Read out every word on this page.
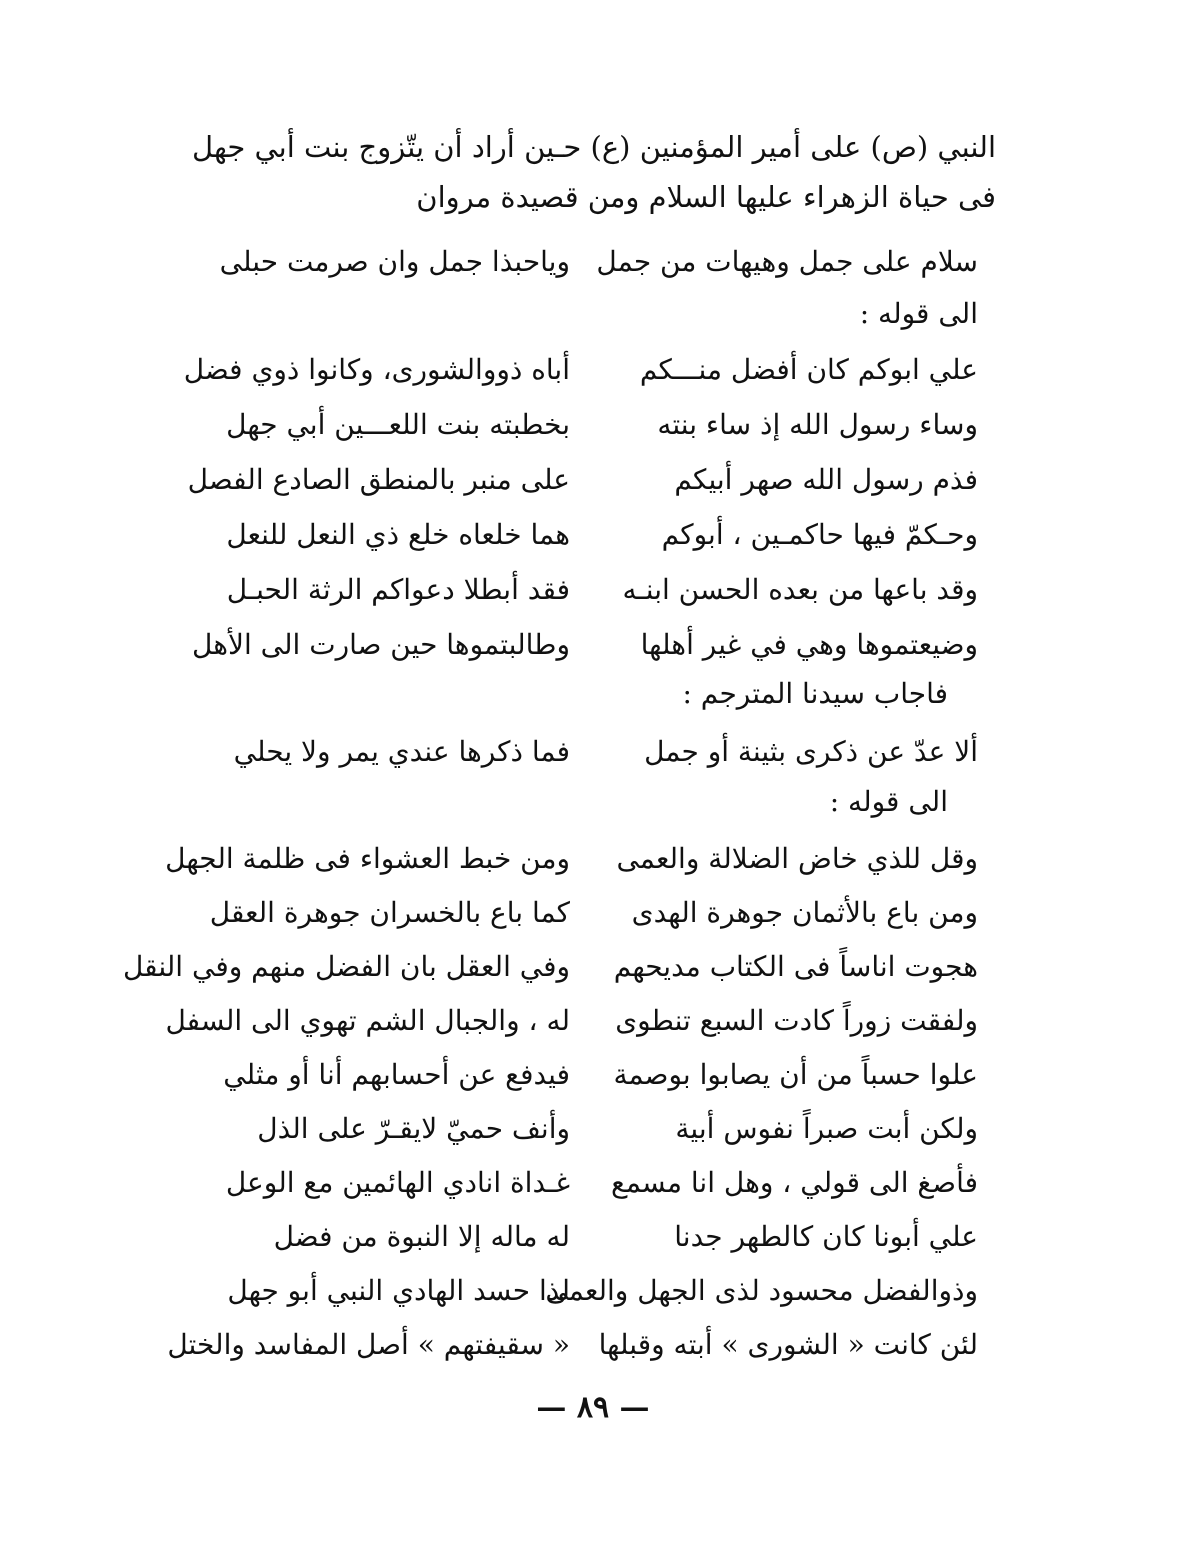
النبي (ص) على أمير المؤمنين (ع) حـين أراد أن يتّزوج بنت أبي جهل
فى حياة الزهراء عليها السلام ومن قصيدة مروان
سلام على جمل وهيهات من جمل
وياحبذا جمل وان صرمت حبلى
الى قوله :
علي ابوكم كان أفضل منـــكم
أباه ذووالشورى، وكانوا ذوي فضل
وساء رسول الله إذ ساء بنته
بخطبته بنت اللعـــين أبي جهل
فذم رسول الله صهر أبيكم
على منبر بالمنطق الصادع الفصل
وحـكمّ فيها حاكمـين ، أبوكم
هما خلعاه خلع ذي النعل للنعل
وقد باعها من بعده الحسن ابنـه
فقد أبطلا دعواكم الرثة الحبـل
وضيعتموها وهي في غير أهلها
وطالبتموها حين صارت الى الأهل
فاجاب سيدنا المترجم :
ألا عدّ عن ذكرى بثينة أو جمل
فما ذكرها عندي يمر ولا يحلي
الى قوله :
وقل للذي خاض الضلالة والعمى
ومن خبط العشواء فى ظلمة الجهل
ومن باع بالأثمان جوهرة الهدى
كما باع بالخسران جوهرة العقل
هجوت اناساً فى الكتاب مديحهم
وفي العقل بان الفضل منهم وفي النقل
ولفقت زوراً كادت السبع تنطوى
له ، والجبال الشم تهوي الى السفل
علوا حسباً من أن يصابوا بوصمة
فيدفع عن أحسابهم أنا أو مثلي
ولكن أبت صبراً نفوس أبية
وأنف حميّ لايقـرّ على الذل
فأصغ الى قولي ، وهل انا مسمع
غـداة انادي الهائمين مع الوعل
علي أبونا كان كالطهر جدنا
له ماله إلا النبوة من فضل
وذوالفضل محسود لذى الجهل والعمى
لذا حسد الهادي النبي أبو جهل
لئن كانت « الشورى » أبته وقبلها
« سقيفتهم » أصل المفاسد والختل
— ٨٩ —
